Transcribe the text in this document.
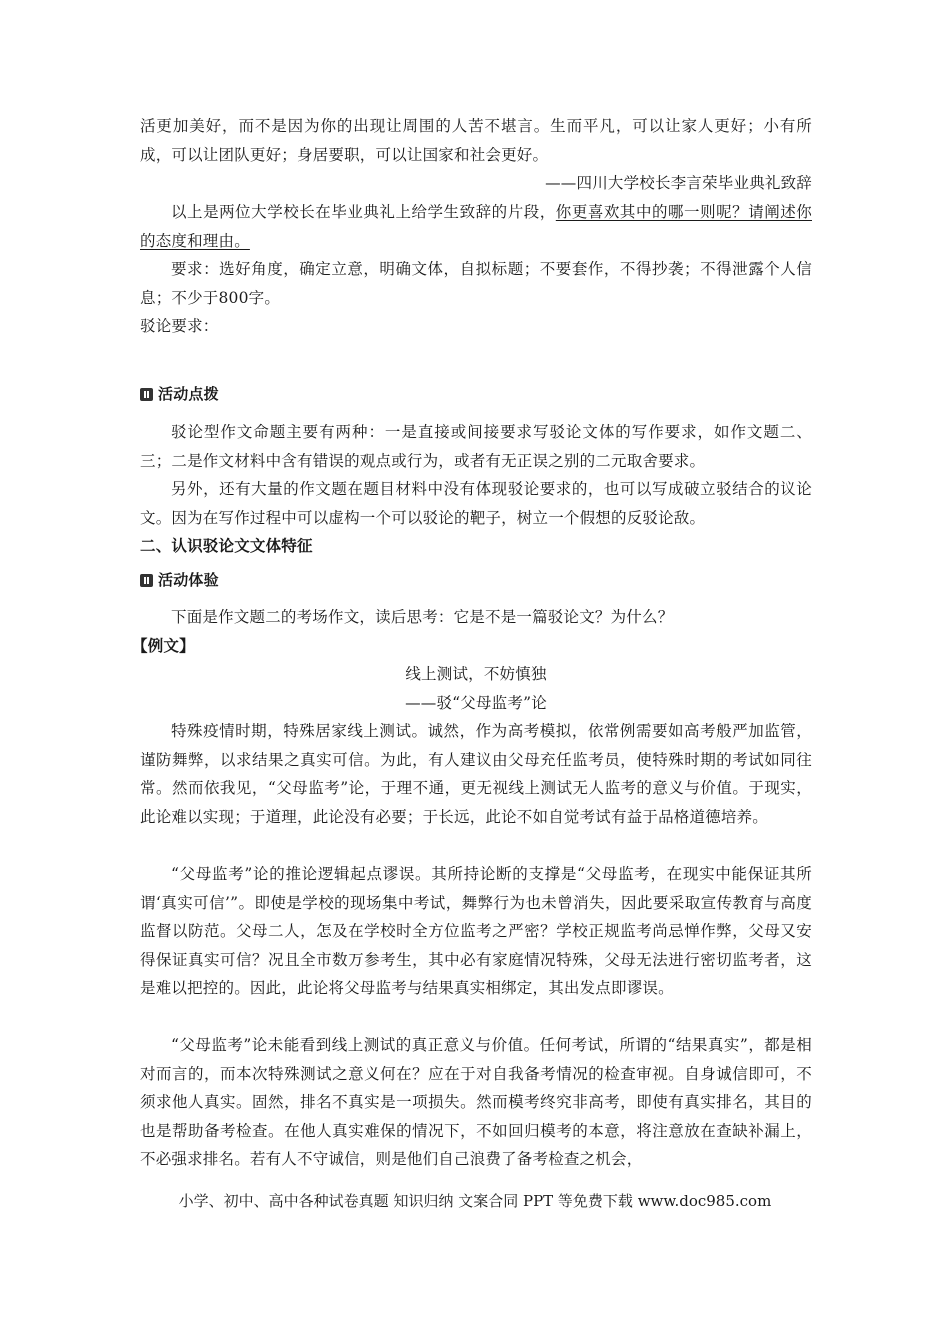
活更加美好，而不是因为你的出现让周围的人苦不堪言。生而平凡，可以让家人更好；小有所成，可以让团队更好；身居要职，可以让国家和社会更好。
——四川大学校长李言荣毕业典礼致辞
以上是两位大学校长在毕业典礼上给学生致辞的片段，你更喜欢其中的哪一则呢？请阐述你的态度和理由。
要求：选好角度，确定立意，明确文体，自拟标题；不要套作，不得抄袭；不得泄露个人信息；不少于800字。
驳论要求：
活动点拨
驳论型作文命题主要有两种：一是直接或间接要求写驳论文体的写作要求，如作文题二、三；二是作文材料中含有错误的观点或行为，或者有无正误之别的二元取舍要求。
另外，还有大量的作文题在题目材料中没有体现驳论要求的，也可以写成破立驳结合的议论文。因为在写作过程中可以虚构一个可以驳论的靶子，树立一个假想的反驳论敌。
二、认识驳论文文体特征
活动体验
下面是作文题二的考场作文，读后思考：它是不是一篇驳论文？为什么？
【例文】
线上测试，不妨慎独
——驳“父母监考”论
特殊疫情时期，特殊居家线上测试。诚然，作为高考模拟，依常例需要如高考般严加监管，谨防舞弊，以求结果之真实可信。为此，有人建议由父母充任监考员，使特殊时期的考试如同往常。然而依我见，“父母监考”论，于理不通，更无视线上测试无人监考的意义与价值。于现实，此论难以实现；于道理，此论没有必要；于长远，此论不如自觉考试有益于品格道德培养。
“父母监考”论的推论逻辑起点谬误。其所持论断的支撑是“父母监考，在现实中能保证其所谓‘真实可信’”。即使是学校的现场集中考试，舞弊行为也未曾消失，因此要采取宣传教育与高度监督以防范。父母二人，怎及在学校时全方位监考之严密？学校正规监考尚忌惮作弊，父母又安得保证真实可信？况且全市数万参考生，其中必有家庭情况特殊，父母无法进行密切监考者，这是难以把控的。因此，此论将父母监考与结果真实相绑定，其出发点即谬误。
“父母监考”论未能看到线上测试的真正意义与价值。任何考试，所谓的“结果真实”，都是相对而言的，而本次特殊测试之意义何在？应在于对自我备考情况的检查审视。自身诚信即可，不须求他人真实。固然，排名不真实是一项损失。然而模考终究非高考，即使有真实排名，其目的也是帮助备考检查。在他人真实难保的情况下，不如回归模考的本意，将注意放在查缺补漏上，不必强求排名。若有人不守诚信，则是他们自己浪费了备考检查之机会，
小学、初中、高中各种试卷真题 知识归纳 文案合同 PPT 等免费下载 www.doc985.com
